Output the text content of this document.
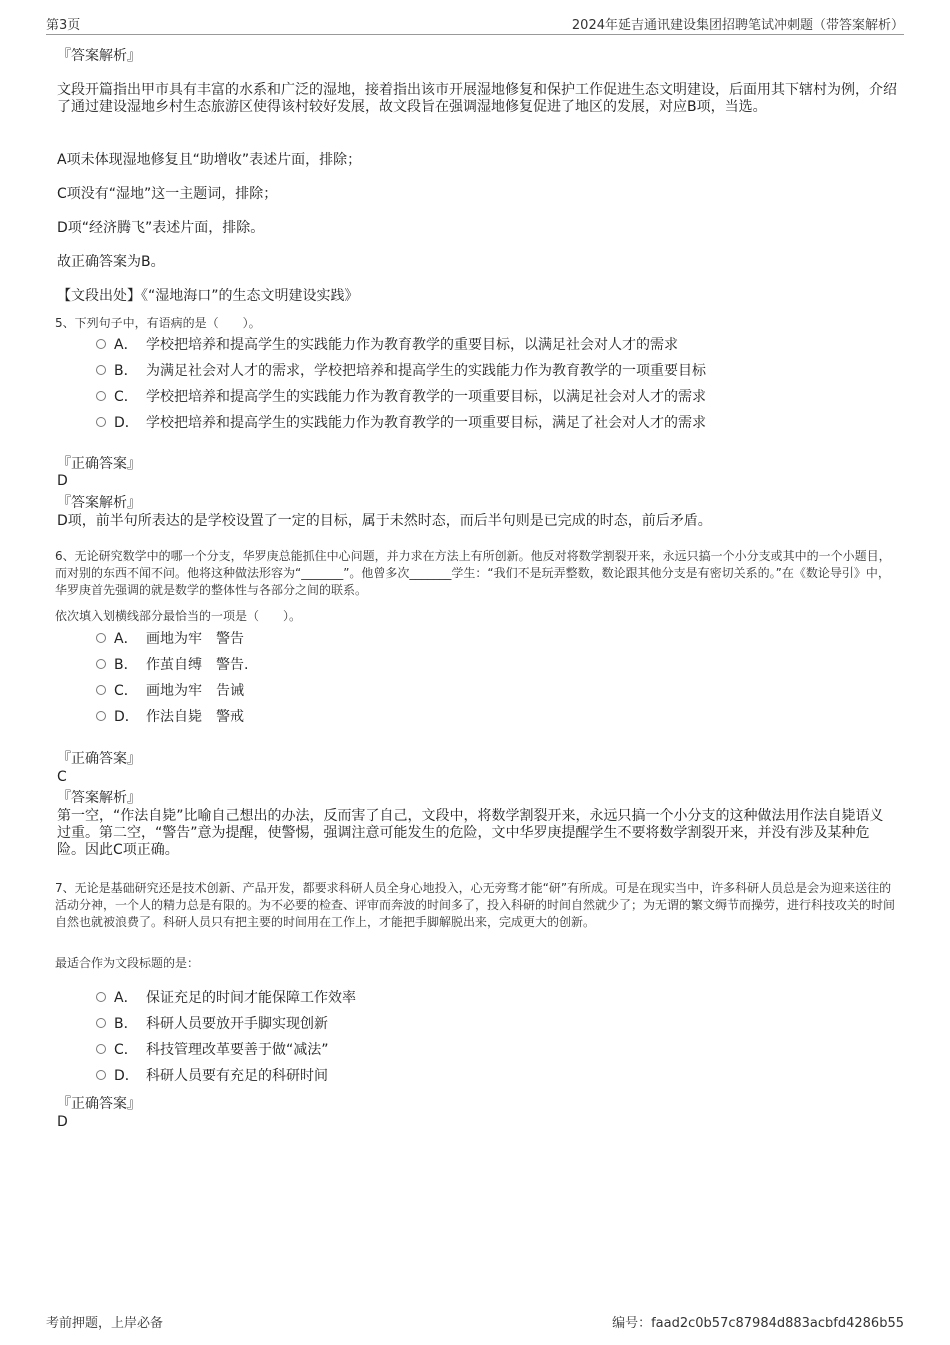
第3页	2024年延吉通讯建设集团招聘笔试冲刺题（带答案解析）
『答案解析』
文段开篇指出甲市具有丰富的水系和广泛的湿地，接着指出该市开展湿地修复和保护工作促进生态文明建设，后面用其下辖村为例，介绍了通过建设湿地乡村生态旅游区使得该村较好发展，故文段旨在强调湿地修复促进了地区的发展，对应B项，当选。
A项未体现湿地修复且“助增收”表述片面，排除；
C项没有“湿地”这一主题词，排除；
D项“经济腾飞”表述片面，排除。
故正确答案为B。
【文段出处】《“湿地海口”的生态文明建设实践》
5、下列句子中，有语病的是（　　）。
A． 学校把培养和提高学生的实践能力作为教育教学的重要目标，以满足社会对人才的需求
B． 为满足社会对人才的需求，学校把培养和提高学生的实践能力作为教育教学的一项重要目标
C． 学校把培养和提高学生的实践能力作为教育教学的一项重要目标，以满足社会对人才的需求
D． 学校把培养和提高学生的实践能力作为教育教学的一项重要目标，满足了社会对人才的需求
『正确答案』
D
『答案解析』
D项，前半句所表达的是学校设置了一定的目标，属于未然时态，而后半句则是已完成的时态，前后矛盾。
6、无论研究数学中的哪一个分支，华罗庚总能抓住中心问题，并力求在方法上有所创新。他反对将数学割裂开来，永远只搞一个小分支或其中的一个小题目，而对别的东西不闻不问。他将这种做法形容为“_______”。他曾多次_______学生：“我们不是玩弄整数，数论跟其他分支是有密切关系的。”在《数论导引》中，华罗庚首先强调的就是数学的整体性与各部分之间的联系。
依次填入划横线部分最恰当的一项是（　　）。
A． 画地为牢 警告
B． 作茧自缚 警告.
C． 画地为牢 告诫
D． 作法自毙 警戒
『正确答案』
C
『答案解析』
第一空，“作法自毙”比喻自己想出的办法，反而害了自己，文段中，将数学割裂开来，永远只搞一个小分支的这种做法用作法自毙语义过重。第二空，“警告”意为提醒，使警惕，强调注意可能发生的危险，文中华罗庚提醒学生不要将数学割裂开来，并没有涉及某种危险。因此C项正确。
7、无论是基础研究还是技术创新、产品开发，都要求科研人员全身心地投入，心无旁骛才能“研”有所成。可是在现实当中，许多科研人员总是会为迎来送往的活动分神，一个人的精力总是有限的。为不必要的检查、评审而奔波的时间多了，投入科研的时间自然就少了；为无谓的繁文缛节而操劳，进行科技攻关的时间自然也就被浪费了。科研人员只有把主要的时间用在工作上，才能把手脚解脱出来，完成更大的创新。
最适合作为文段标题的是：
A． 保证充足的时间才能保障工作效率
B． 科研人员要放开手脚实现创新
C． 科技管理改革要善于做“减法”
D． 科研人员要有充足的科研时间
『正确答案』
D
考前押题，上岸必备	编号：faad2c0b57c87984d883acbfd4286b55
